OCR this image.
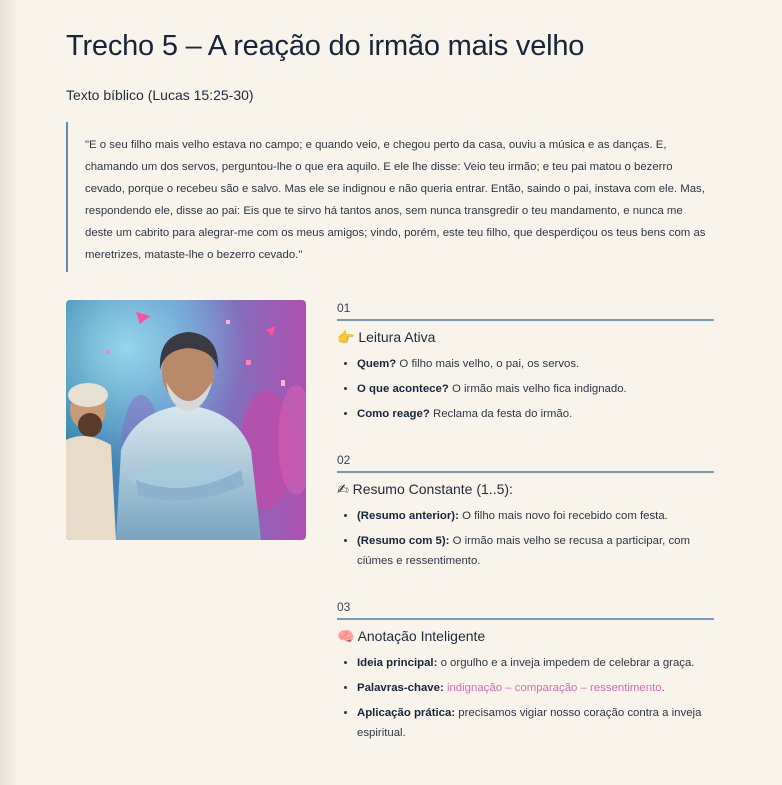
Trecho 5 – A reação do irmão mais velho
Texto bíblico (Lucas 15:25-30)
"E o seu filho mais velho estava no campo; e quando veio, e chegou perto da casa, ouviu a música e as danças. E, chamando um dos servos, perguntou-lhe o que era aquilo. E ele lhe disse: Veio teu irmão; e teu pai matou o bezerro cevado, porque o recebeu são e salvo. Mas ele se indignou e não queria entrar. Então, saindo o pai, instava com ele. Mas, respondendo ele, disse ao pai: Eis que te sirvo há tantos anos, sem nunca transgredir o teu mandamento, e nunca me deste um cabrito para alegrar-me com os meus amigos; vindo, porém, este teu filho, que desperdiçou os teus bens com as meretrizes, mataste-lhe o bezerro cevado."
01
👉 Leitura Ativa
• Quem? O filho mais velho, o pai, os servos.
• O que acontece? O irmão mais velho fica indignado.
• Como reage? Reclama da festa do irmão.
02
✍ Resumo Constante (1..5):
• (Resumo anterior): O filho mais novo foi recebido com festa.
• (Resumo com 5): O irmão mais velho se recusa a participar, com ciúmes e ressentimento.
03
🧠 Anotação Inteligente
• Ideia principal: o orgulho e a inveja impedem de celebrar a graça.
• Palavras-chave: indignação – comparação – ressentimento.
• Aplicação prática: precisamos vigiar nosso coração contra a inveja espiritual.
